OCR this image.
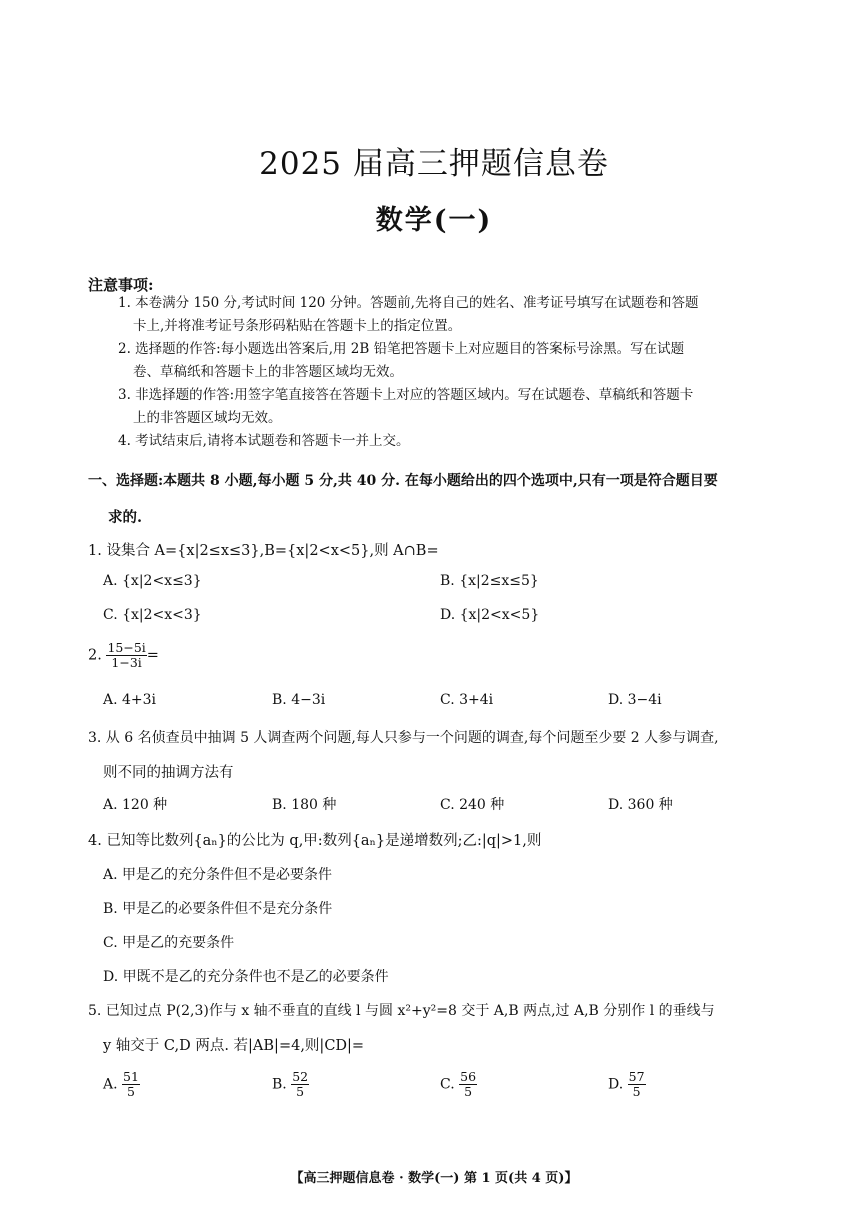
2025 届高三押题信息卷
数学(一)
注意事项:
1. 本卷满分 150 分,考试时间 120 分钟。答题前,先将自己的姓名、准考证号填写在试题卷和答题
卡上,并将准考证号条形码粘贴在答题卡上的指定位置。
2. 选择题的作答:每小题选出答案后,用 2B 铅笔把答题卡上对应题目的答案标号涂黑。写在试题
卷、草稿纸和答题卡上的非答题区域均无效。
3. 非选择题的作答:用签字笔直接答在答题卡上对应的答题区域内。写在试题卷、草稿纸和答题卡
上的非答题区域均无效。
4. 考试结束后,请将本试题卷和答题卡一并上交。
一、选择题:本题共 8 小题,每小题 5 分,共 40 分. 在每小题给出的四个选项中,只有一项是符合题目要
求的.
1. 设集合 A={x|2≤x≤3},B={x|2<x<5},则 A∩B=
A. {x|2<x≤3}	B. {x|2≤x≤5}
C. {x|2<x<3}	D. {x|2<x<5}
2. $\frac{15-5i}{1-3i}$ =
A. 4+3i	B. 4−3i	C. 3+4i	D. 3−4i
3. 从 6 名侦查员中抽调 5 人调查两个问题,每人只参与一个问题的调查,每个问题至少要 2 人参与调查,
则不同的抽调方法有
A. 120 种	B. 180 种	C. 240 种	D. 360 种
4. 已知等比数列{aₙ}的公比为 q,甲:数列{aₙ}是递增数列;乙:|q|>1,则
A. 甲是乙的充分条件但不是必要条件
B. 甲是乙的必要条件但不是充分条件
C. 甲是乙的充要条件
D. 甲既不是乙的充分条件也不是乙的必要条件
5. 已知过点 P(2,3)作与 x 轴不垂直的直线 l 与圆 x²+y²=8 交于 A,B 两点,过 A,B 分别作 l 的垂线与
y 轴交于 C,D 两点. 若|AB|=4,则|CD|=
A. $\frac{51}{5}$	B. $\frac{52}{5}$	C. $\frac{56}{5}$	D. $\frac{57}{5}$
【高三押题信息卷 · 数学(一) 第 1 页(共 4 页)】
